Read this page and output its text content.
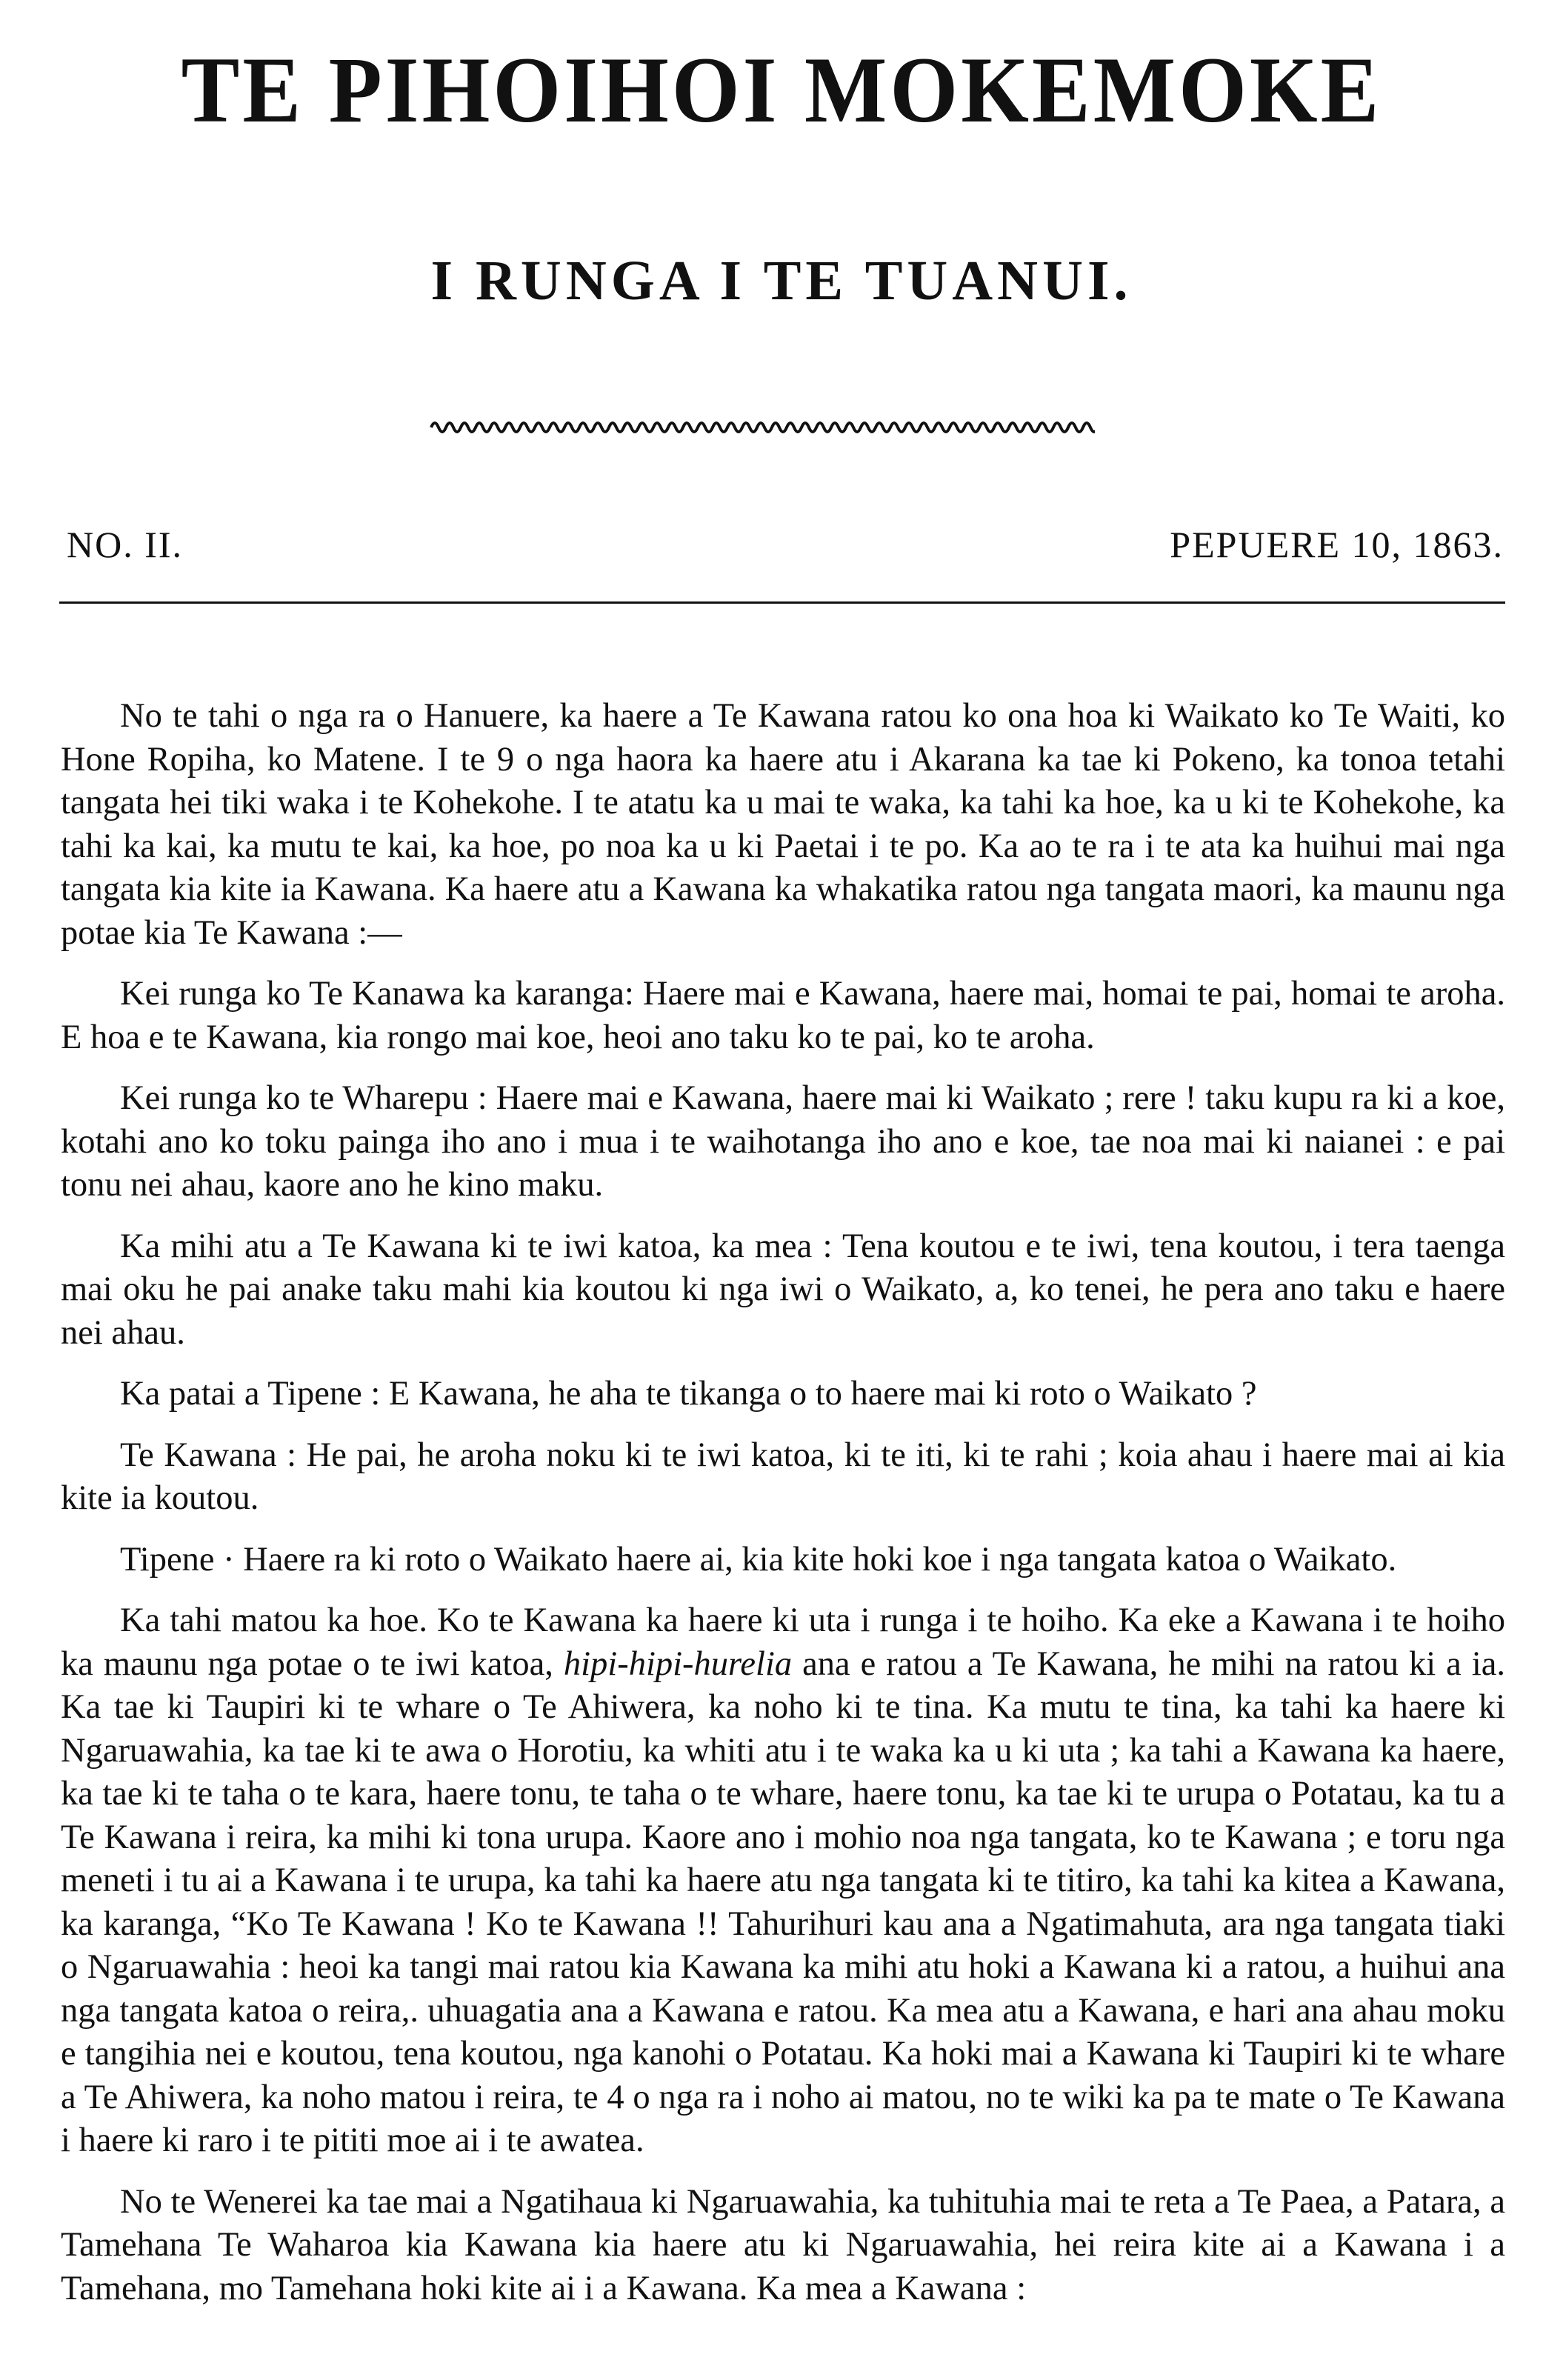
TE PIHOIHOI MOKEMOKE
I RUNGA I TE TUANUI.
NO. II.	PEPUERE 10, 1863.

No te tahi o nga ra o Hanuere, ka haere a Te Kawana ratou ko ona hoa ki Waikato ko Te Waiti, ko Hone Ropiha, ko Matene. I te 9 o nga haora ka haere atu i Akarana ka tae ki Pokeno, ka tonoa tetahi tangata hei tiki waka i te Kohekohe. I te atatu ka u mai te waka, ka tahi ka hoe, ka u ki te Kohekohe, ka tahi ka kai, ka mutu te kai, ka hoe, po noa ka u ki Paetai i te po. Ka ao te ra i te ata ka huihui mai nga tangata kia kite ia Kawana. Ka haere atu a Kawana ka whakatika ratou nga tangata maori, ka maunu nga potae kia Te Kawana :—

Kei runga ko Te Kanawa ka karanga: Haere mai e Kawana, haere mai, homai te pai, homai te aroha. E hoa e te Kawana, kia rongo mai koe, heoi ano taku ko te pai, ko te aroha.

Kei runga ko te Wharepu : Haere mai e Kawana, haere mai ki Waikato ; rere ! taku kupu ra ki a koe, kotahi ano ko toku painga iho ano i mua i te waihotanga iho ano e koe, tae noa mai ki naianei : e pai tonu nei ahau, kaore ano he kino maku.

Ka mihi atu a Te Kawana ki te iwi katoa, ka mea : Tena koutou e te iwi, tena koutou, i tera taenga mai oku he pai anake taku mahi kia koutou ki nga iwi o Waikato, a, ko tenei, he pera ano taku e haere nei ahau.

Ka patai a Tipene : E Kawana, he aha te tikanga o to haere mai ki roto o Waikato ?

Te Kawana : He pai, he aroha noku ki te iwi katoa, ki te iti, ki te rahi ; koia ahau i haere mai ai kia kite ia koutou.

Tipene · Haere ra ki roto o Waikato haere ai, kia kite hoki koe i nga tangata katoa o Waikato.

Ka tahi matou ka hoe. Ko te Kawana ka haere ki uta i runga i te hoiho. Ka eke a Kawana i te hoiho ka maunu nga potae o te iwi katoa, hipi-hipi-hurelia ana e ratou a Te Kawana, he mihi na ratou ki a ia. Ka tae ki Taupiri ki te whare o Te Ahiwera, ka noho ki te tina. Ka mutu te tina, ka tahi ka haere ki Ngaruawahia, ka tae ki te awa o Horotiu, ka whiti atu i te waka ka u ki uta ; ka tahi a Kawana ka haere, ka tae ki te taha o te kara, haere tonu, te taha o te whare, haere tonu, ka tae ki te urupa o Potatau, ka tu a Te Kawana i reira, ka mihi ki tona urupa. Kaore ano i mohio noa nga tangata, ko te Kawana ; e toru nga meneti i tu ai a Kawana i te urupa, ka tahi ka haere atu nga tangata ki te titiro, ka tahi ka kitea a Kawana, ka karanga, “Ko Te Kawana ! Ko te Kawana !! Tahurihuri kau ana a Ngatimahuta, ara nga tangata tiaki o Ngaruawahia : heoi ka tangi mai ratou kia Kawana ka mihi atu hoki a Kawana ki a ratou, a huihui ana nga tangata katoa o reira,. uhuagatia ana a Kawana e ratou. Ka mea atu a Kawana, e hari ana ahau moku e tangihia nei e koutou, tena koutou, nga kanohi o Potatau. Ka hoki mai a Kawana ki Taupiri ki te whare a Te Ahiwera, ka noho matou i reira, te 4 o nga ra i noho ai matou, no te wiki ka pa te mate o Te Kawana i haere ki raro i te pititi moe ai i te awatea.

No te Wenerei ka tae mai a Ngatihaua ki Ngaruawahia, ka tuhituhia mai te reta a Te Paea, a Patara, a Tamehana Te Waharoa kia Kawana kia haere atu ki Ngaruawahia, hei reira kite ai a Kawana i a Tamehana, mo Tamehana hoki kite ai i a Kawana. Ka mea a Kawana :
